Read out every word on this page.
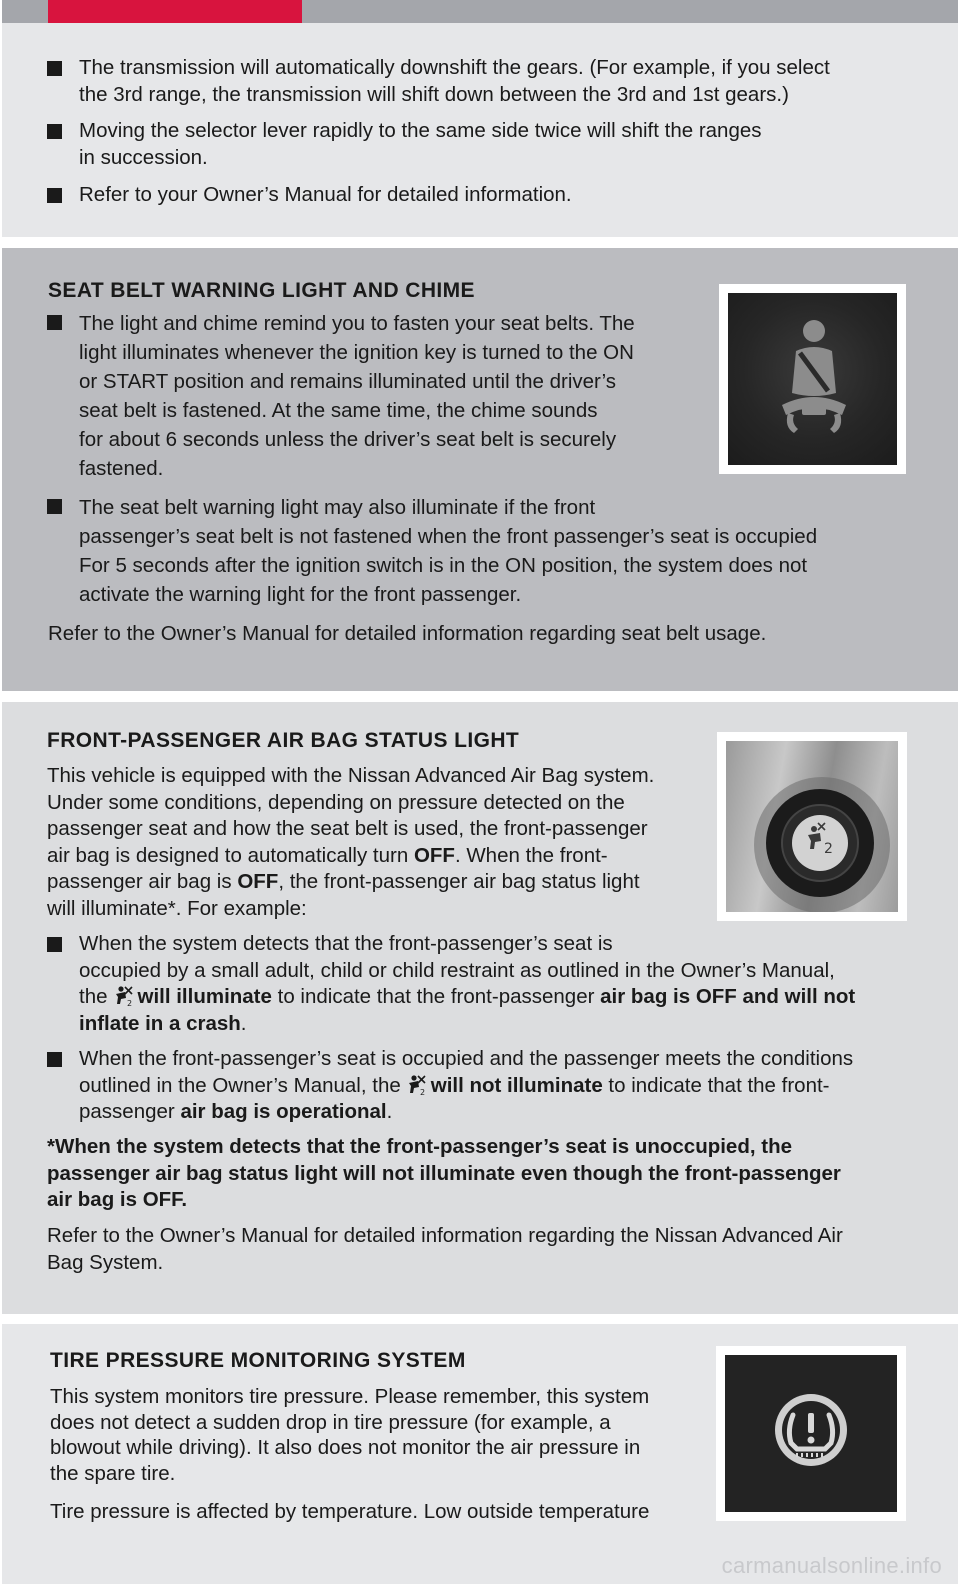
The transmission will automatically downshift the gears. (For example, if you select
the 3rd range, the transmission will shift down between the 3rd and 1st gears.)
Moving the selector lever rapidly to the same side twice will shift the ranges
in succession.
Refer to your Owner’s Manual for detailed information.
SEAT BELT WARNING LIGHT AND CHIME
The light and chime remind you to fasten your seat belts. The
light illuminates whenever the ignition key is turned to the ON
or START position and remains illuminated until the driver’s
seat belt is fastened. At the same time, the chime sounds
for about 6 seconds unless the driver’s seat belt is securely
fastened.
The seat belt warning light may also illuminate if the front
passenger’s seat belt is not fastened when the front passenger’s seat is occupied
For 5 seconds after the ignition switch is in the ON position, the system does not
activate the warning light for the front passenger.
Refer to the Owner’s Manual for detailed information regarding seat belt usage.
FRONT-PASSENGER AIR BAG STATUS LIGHT
This vehicle is equipped with the Nissan Advanced Air Bag system.
Under some conditions, depending on pressure detected on the
passenger seat and how the seat belt is used, the front-passenger
air bag is designed to automatically turn OFF. When the front-
passenger air bag is OFF, the front-passenger air bag status light
will illuminate*. For example:
When the system detects that the front-passenger’s seat is
occupied by a small adult, child or child restraint as outlined in the Owner’s Manual,
the 2 will illuminate to indicate that the front-passenger air bag is OFF and will not
inflate in a crash.
When the front-passenger’s seat is occupied and the passenger meets the conditions
outlined in the Owner’s Manual, the 2 will not illuminate to indicate that the front-
passenger air bag is operational.
*When the system detects that the front-passenger’s seat is unoccupied, the
passenger air bag status light will not illuminate even though the front-passenger
air bag is OFF.
Refer to the Owner’s Manual for detailed information regarding the Nissan Advanced Air
Bag System.
2
TIRE PRESSURE MONITORING SYSTEM
This system monitors tire pressure. Please remember, this system
does not detect a sudden drop in tire pressure (for example, a
blowout while driving). It also does not monitor the air pressure in
the spare tire.
Tire pressure is affected by temperature. Low outside temperature
carmanualsonline.info
